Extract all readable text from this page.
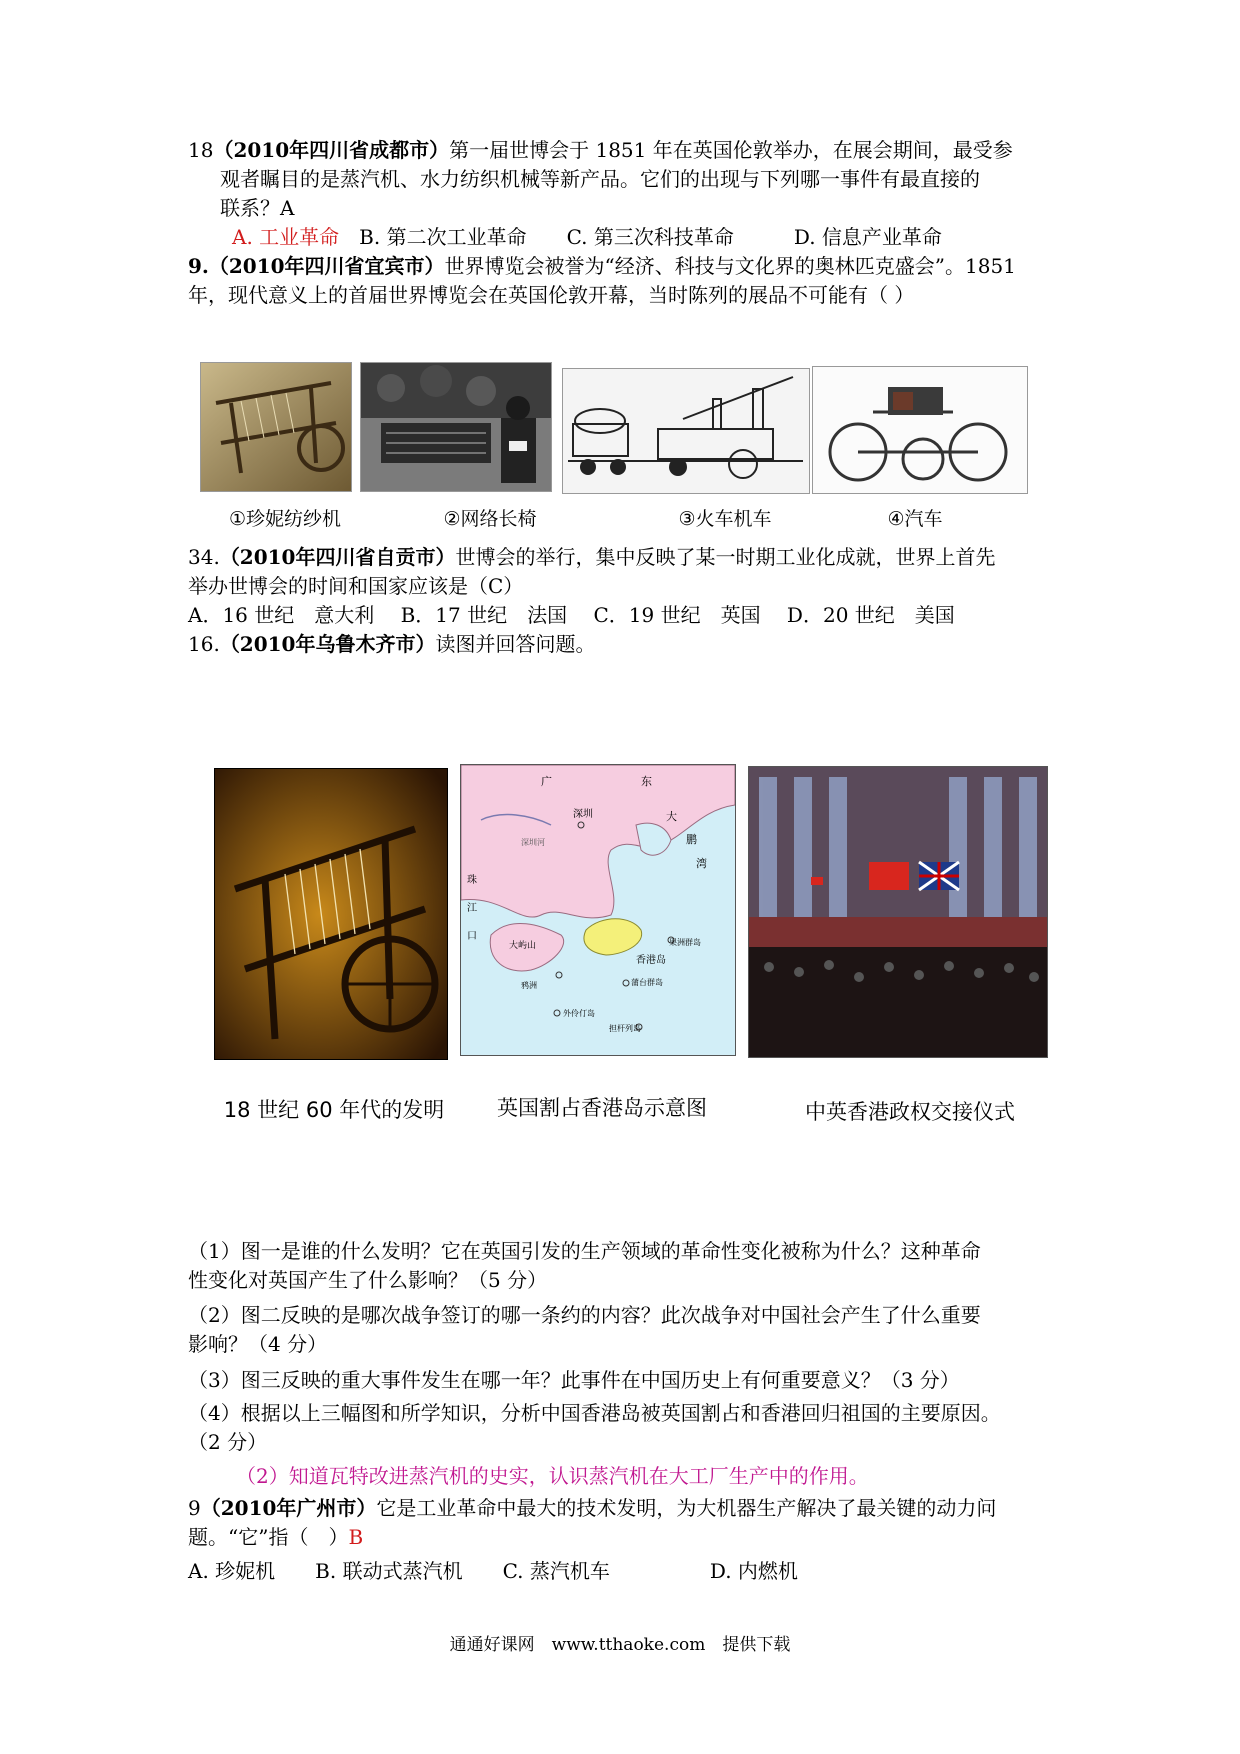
18（2010年四川省成都市）第一届世博会于 1851 年在英国伦敦举办，在展会期间，最受参
观者瞩目的是蒸汽机、水力纺织机械等新产品。它们的出现与下列哪一事件有最直接的
联系？A
A. 工业革命　 B. 第二次工业革命　　C. 第三次科技革命　　　D. 信息产业革命
9.（2010年四川省宜宾市）世界博览会被誉为“经济、科技与文化界的奥林匹克盛会”。1851
年，现代意义上的首届世界博览会在英国伦敦开幕，当时陈列的展品不可能有（ ）
①珍妮纺纱机	②网络长椅	③火车机车	④汽车
34.（2010年四川省自贡市）世博会的举行，集中反映了某一时期工业化成就，世界上首先
举办世博会的时间和国家应该是（C）
A．16 世纪　意大利　 B．17 世纪　法国　 C．19 世纪　英国　 D．20 世纪　美国
16.（2010年乌鲁木齐市）读图并回答问题。
广	东
深圳
深圳河
大
鹏
湾
珠
江
口
大屿山
香港岛
果洲群岛
蒲台群岛
鸦洲
外伶仃岛
担杆列岛
18 世纪 60 年代的发明	英国割占香港岛示意图	中英香港政权交接仪式
（1）图一是谁的什么发明？它在英国引发的生产领域的革命性变化被称为什么？这种革命
性变化对英国产生了什么影响？（5 分）
（2）图二反映的是哪次战争签订的哪一条约的内容？此次战争对中国社会产生了什么重要
影响？（4 分）
（3）图三反映的重大事件发生在哪一年？此事件在中国历史上有何重要意义？（3 分）
（4）根据以上三幅图和所学知识，分析中国香港岛被英国割占和香港回归祖国的主要原因。
（2 分）
（2）知道瓦特改进蒸汽机的史实，认识蒸汽机在大工厂生产中的作用。
9（2010年广州市）它是工业革命中最大的技术发明，为大机器生产解决了最关键的动力问
题。“它”指（　）B
A. 珍妮机　　B. 联动式蒸汽机　　C. 蒸汽机车　　　　　D. 内燃机
通通好课网　www.tthaoke.com　提供下载
